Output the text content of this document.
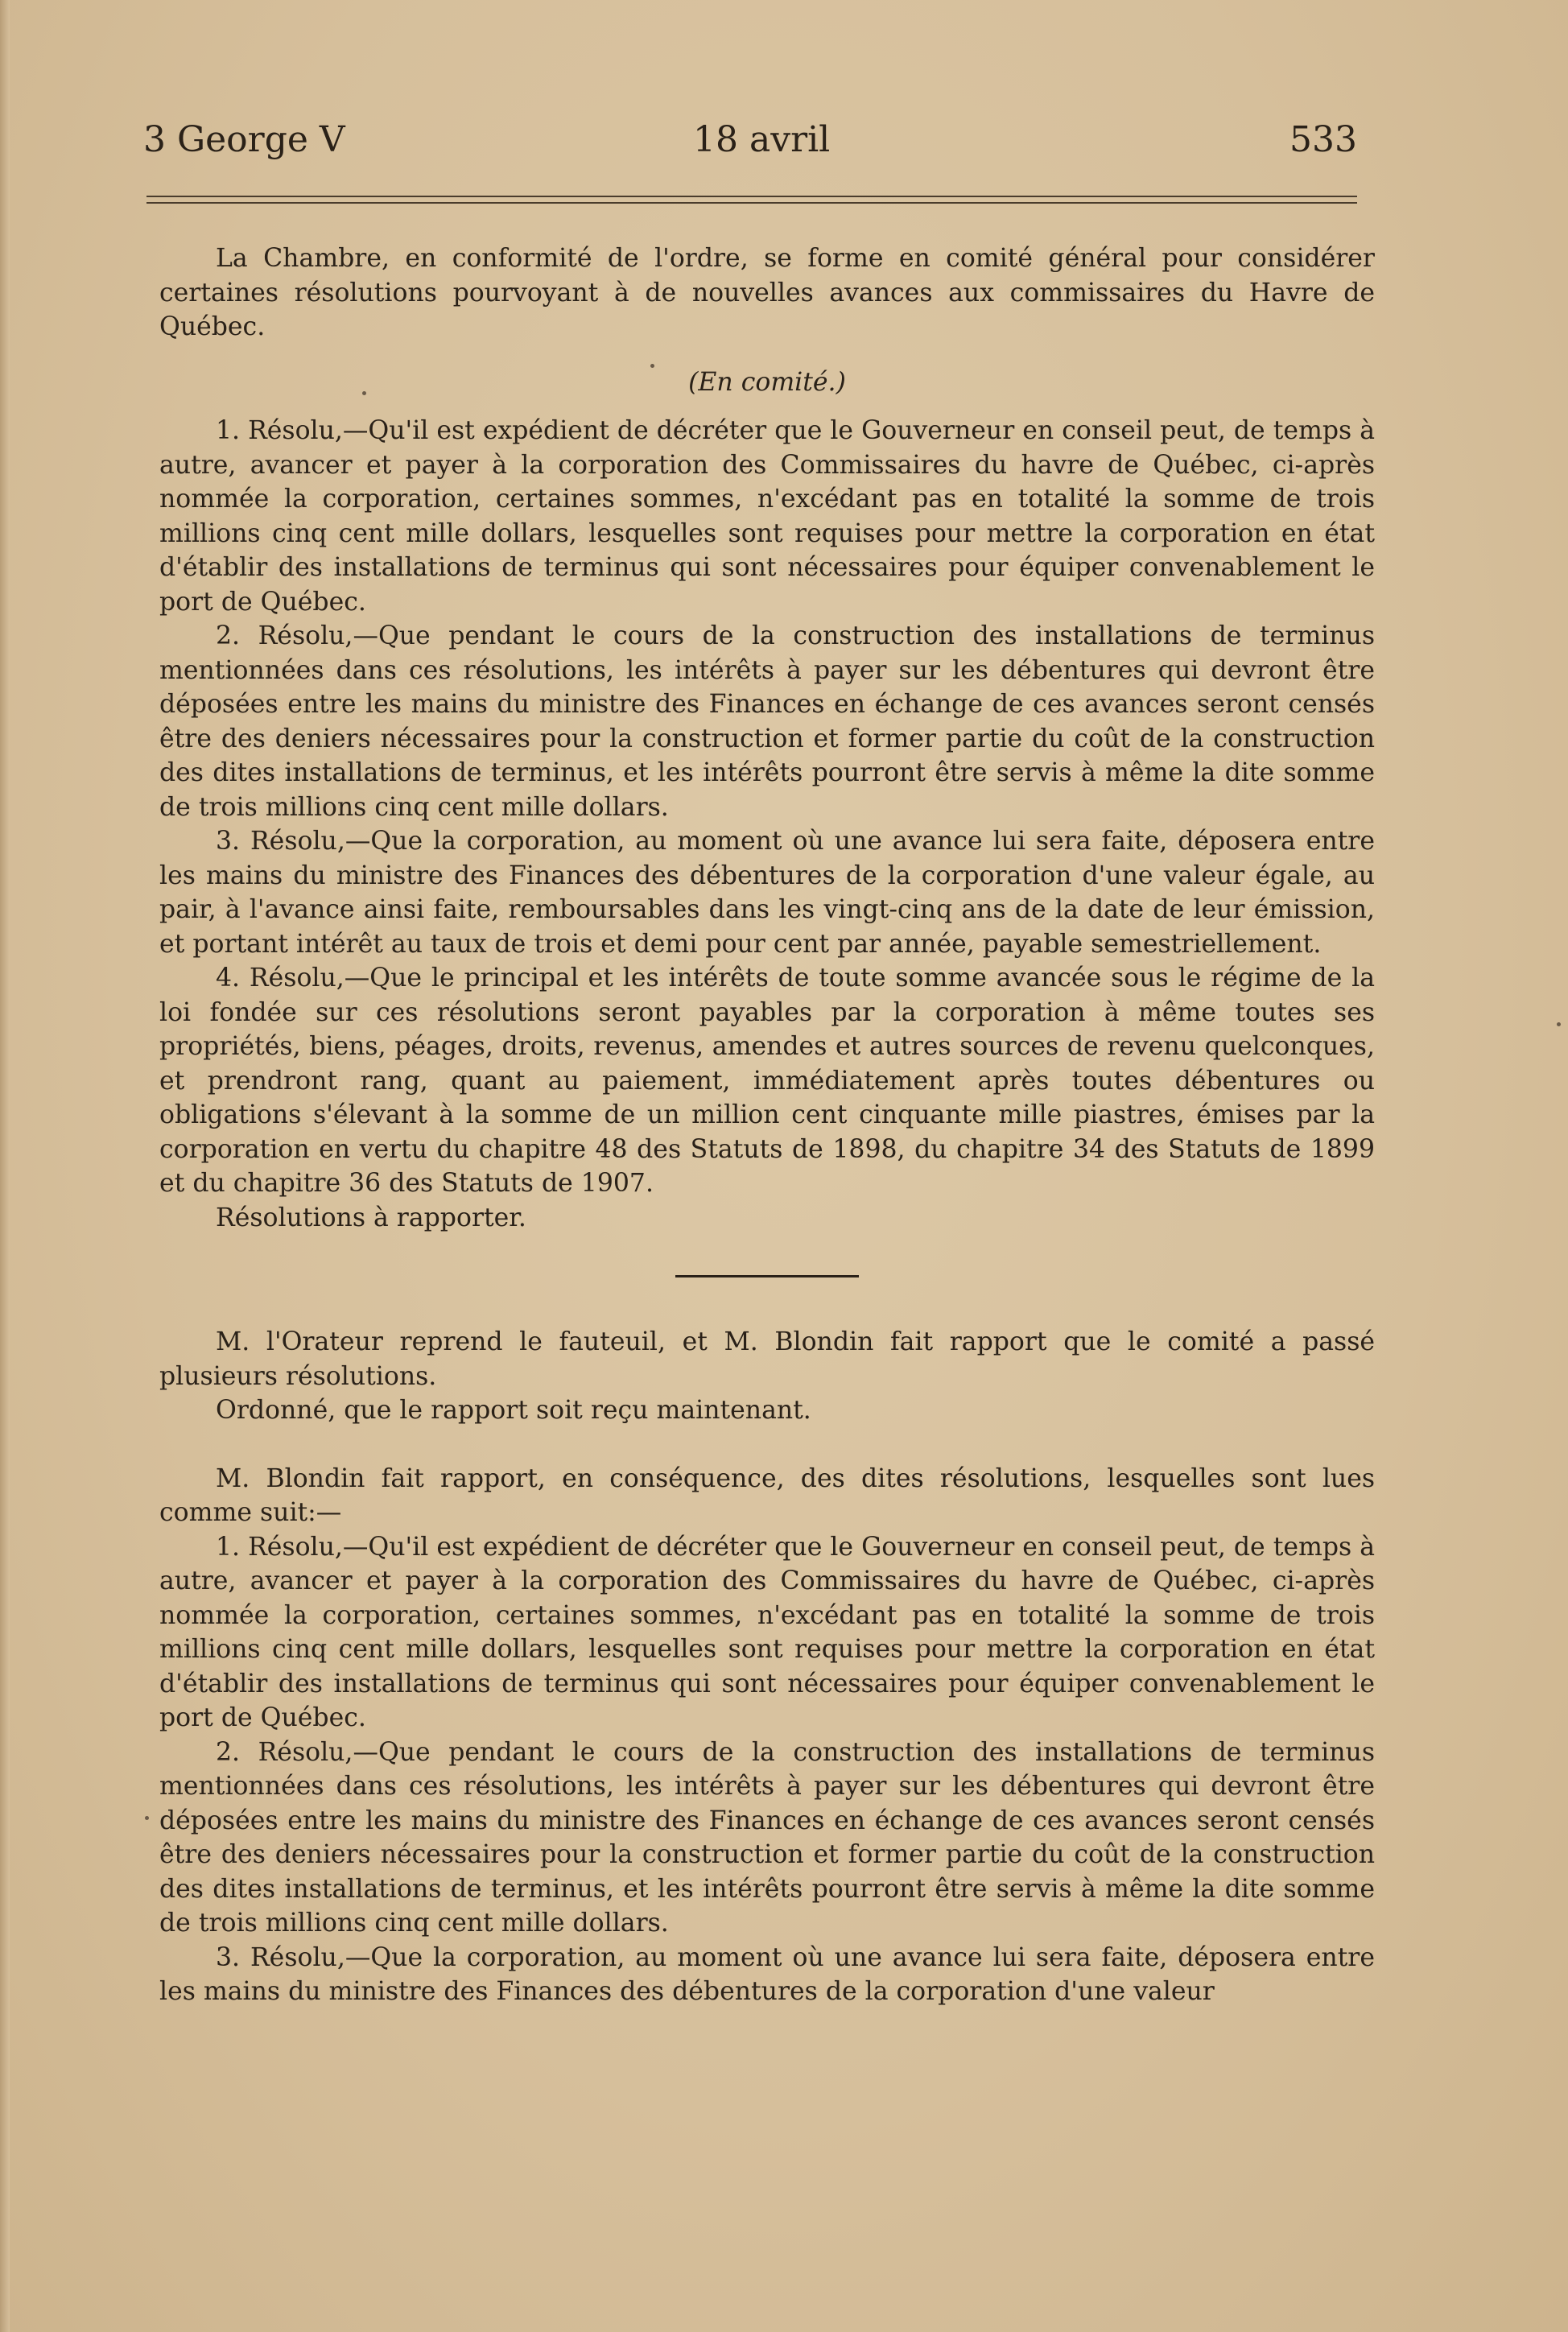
3 George V	18 avril	533

La Chambre, en conformité de l'ordre, se forme en comité général pour considérer certaines résolutions pourvoyant à de nouvelles avances aux commissaires du Havre de Québec.

(En comité.)

1. Résolu,—Qu'il est expédient de décréter que le Gouverneur en conseil peut, de temps à autre, avancer et payer à la corporation des Commissaires du havre de Québec, ci-après nommée la corporation, certaines sommes, n'excédant pas en totalité la somme de trois millions cinq cent mille dollars, lesquelles sont requises pour mettre la corporation en état d'établir des installations de terminus qui sont nécessaires pour équiper convenablement le port de Québec.

2. Résolu,—Que pendant le cours de la construction des installations de terminus mentionnées dans ces résolutions, les intérêts à payer sur les débentures qui devront être déposées entre les mains du ministre des Finances en échange de ces avances seront censés être des deniers nécessaires pour la construction et former partie du coût de la construction des dites installations de terminus, et les intérêts pourront être servis à même la dite somme de trois millions cinq cent mille dollars.

3. Résolu,—Que la corporation, au moment où une avance lui sera faite, déposera entre les mains du ministre des Finances des débentures de la corporation d'une valeur égale, au pair, à l'avance ainsi faite, remboursables dans les vingt-cinq ans de la date de leur émission, et portant intérêt au taux de trois et demi pour cent par année, payable semestriellement.

4. Résolu,—Que le principal et les intérêts de toute somme avancée sous le régime de la loi fondée sur ces résolutions seront payables par la corporation à même toutes ses propriétés, biens, péages, droits, revenus, amendes et autres sources de revenu quelconques, et prendront rang, quant au paiement, immédiatement après toutes débentures ou obligations s'élevant à la somme de un million cent cinquante mille piastres, émises par la corporation en vertu du chapitre 48 des Statuts de 1898, du chapitre 34 des Statuts de 1899 et du chapitre 36 des Statuts de 1907.

Résolutions à rapporter.

M. l'Orateur reprend le fauteuil, et M. Blondin fait rapport que le comité a passé plusieurs résolutions.

Ordonné, que le rapport soit reçu maintenant.

M. Blondin fait rapport, en conséquence, des dites résolutions, lesquelles sont lues comme suit:—

1. Résolu,—Qu'il est expédient de décréter que le Gouverneur en conseil peut, de temps à autre, avancer et payer à la corporation des Commissaires du havre de Québec, ci-après nommée la corporation, certaines sommes, n'excédant pas en totalité la somme de trois millions cinq cent mille dollars, lesquelles sont requises pour mettre la corporation en état d'établir des installations de terminus qui sont nécessaires pour équiper convenablement le port de Québec.

2. Résolu,—Que pendant le cours de la construction des installations de terminus mentionnées dans ces résolutions, les intérêts à payer sur les débentures qui devront être déposées entre les mains du ministre des Finances en échange de ces avances seront censés être des deniers nécessaires pour la construction et former partie du coût de la construction des dites installations de terminus, et les intérêts pourront être servis à même la dite somme de trois millions cinq cent mille dollars.

3. Résolu,—Que la corporation, au moment où une avance lui sera faite, déposera entre les mains du ministre des Finances des débentures de la corporation d'une valeur
